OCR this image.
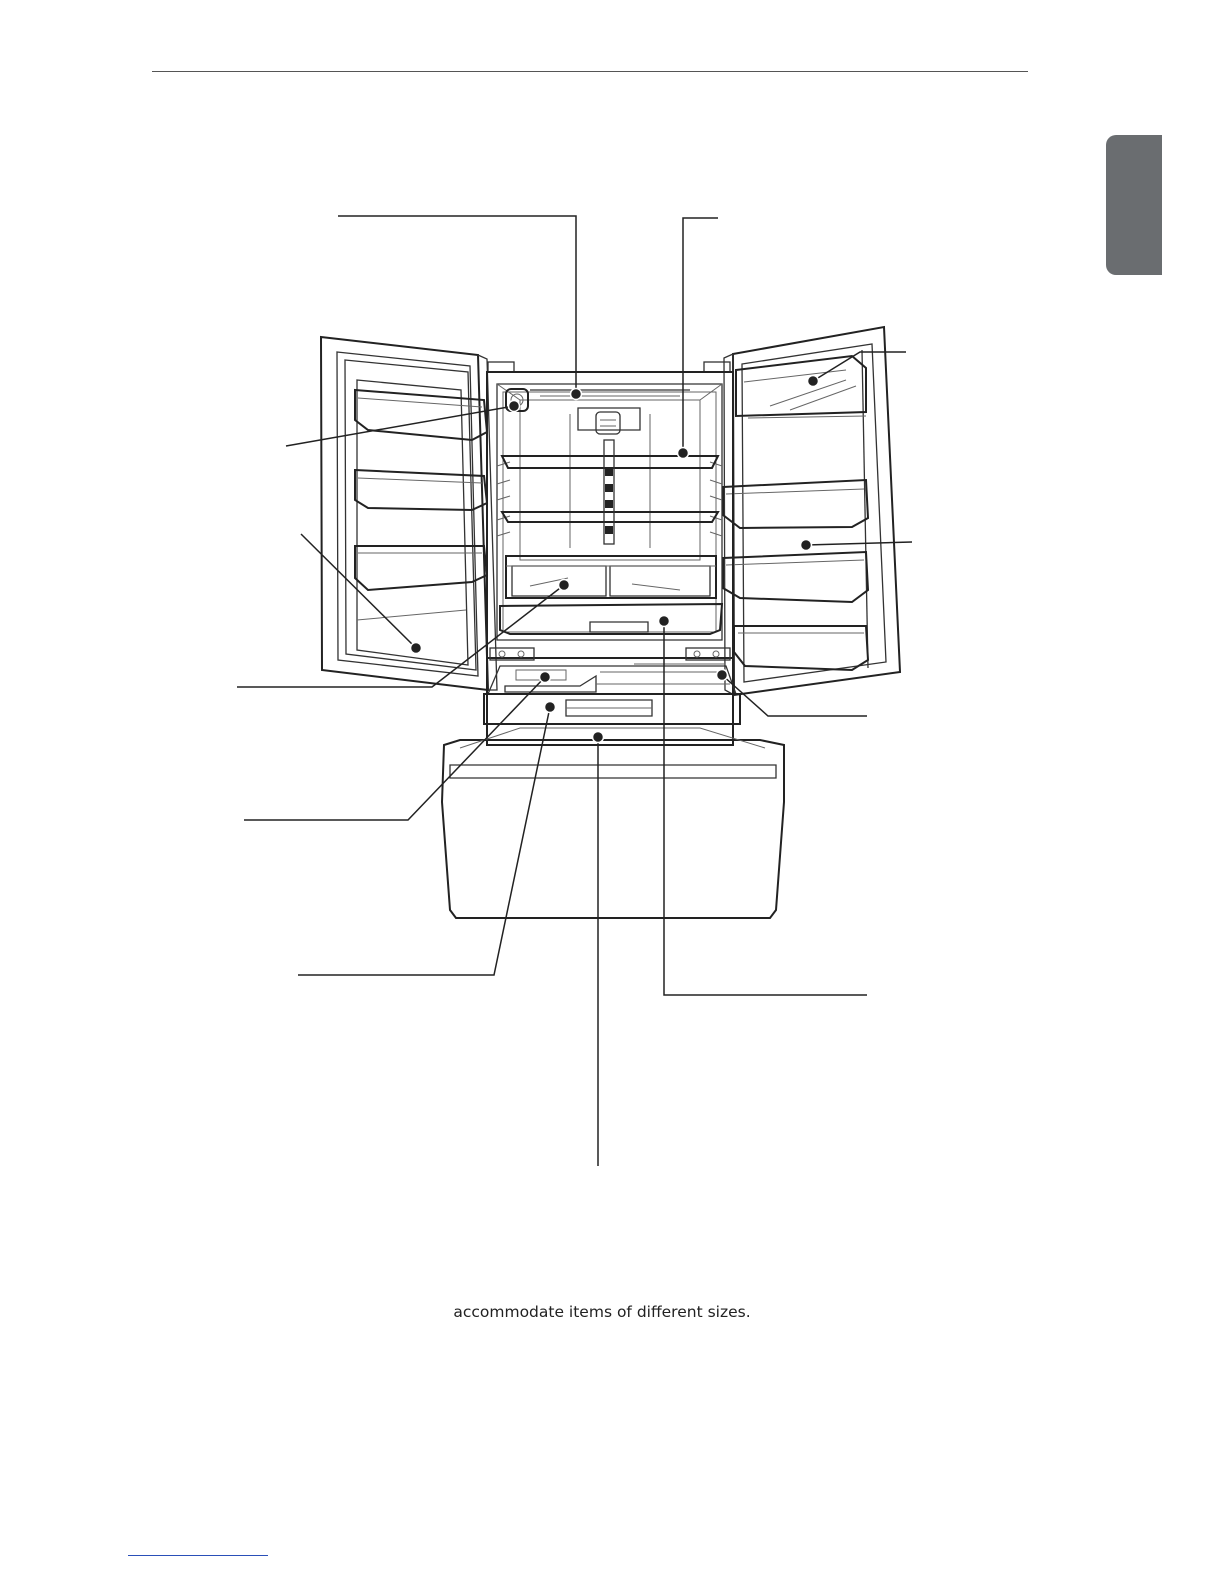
accommodate items of different sizes.
